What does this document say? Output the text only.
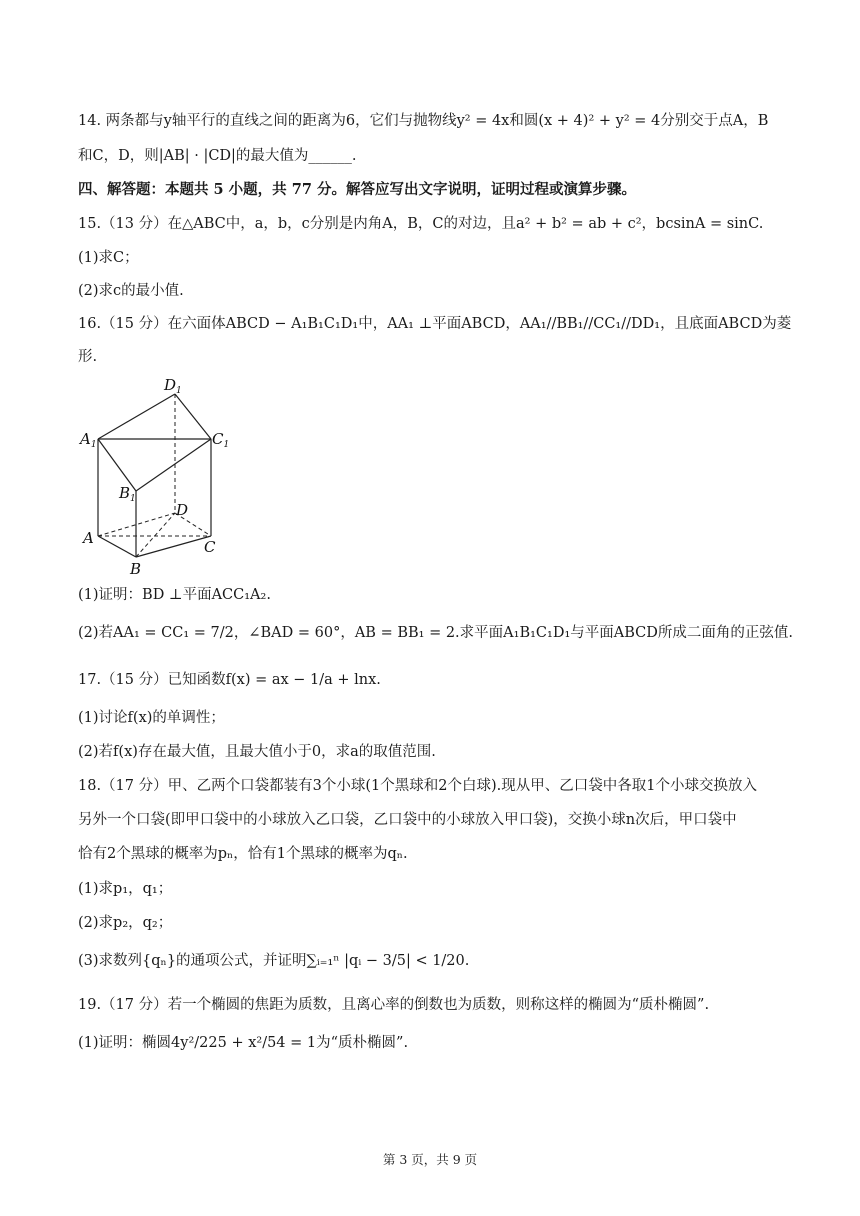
14. 两条都与y轴平行的直线之间的距离为6，它们与抛物线y² = 4x和圆(x + 4)² + y² = 4分别交于点A，B
和C，D，则|AB| · |CD|的最大值为______.
四、解答题：本题共 5 小题，共 77 分。解答应写出文字说明，证明过程或演算步骤。
15.（13 分）在△ABC中，a，b，c分别是内角A，B，C的对边，且a² + b² = ab + c²，bcsinA = sinC.
(1)求C；
(2)求c的最小值.
16.（15 分）在六面体ABCD − A₁B₁C₁D₁中，AA₁ ⊥平面ABCD，AA₁//BB₁//CC₁//DD₁，且底面ABCD为菱
形.
$D_1$
$A_1$	$C_1$
$B_1$
D
A	C
B
(1)证明：BD ⊥平面ACC₁A₂.
(2)若AA₁ = CC₁ = 7/2，∠BAD = 60°，AB = BB₁ = 2.求平面A₁B₁C₁D₁与平面ABCD所成二面角的正弦值.
17.（15 分）已知函数f(x) = ax − 1/a + lnx.
(1)讨论f(x)的单调性；
(2)若f(x)存在最大值，且最大值小于0，求a的取值范围.
18.（17 分）甲、乙两个口袋都装有3个小球(1个黑球和2个白球).现从甲、乙口袋中各取1个小球交换放入
另外一个口袋(即甲口袋中的小球放入乙口袋，乙口袋中的小球放入甲口袋)，交换小球n次后，甲口袋中
恰有2个黑球的概率为pₙ，恰有1个黑球的概率为qₙ.
(1)求p₁，q₁；
(2)求p₂，q₂；
(3)求数列{qₙ}的通项公式，并证明∑ᵢ₌₁ⁿ |qᵢ − 3/5| < 1/20.
19.（17 分）若一个椭圆的焦距为质数，且离心率的倒数也为质数，则称这样的椭圆为“质朴椭圆”.
(1)证明：椭圆4y²/225 + x²/54 = 1为“质朴椭圆”.
第 3 页，共 9 页
